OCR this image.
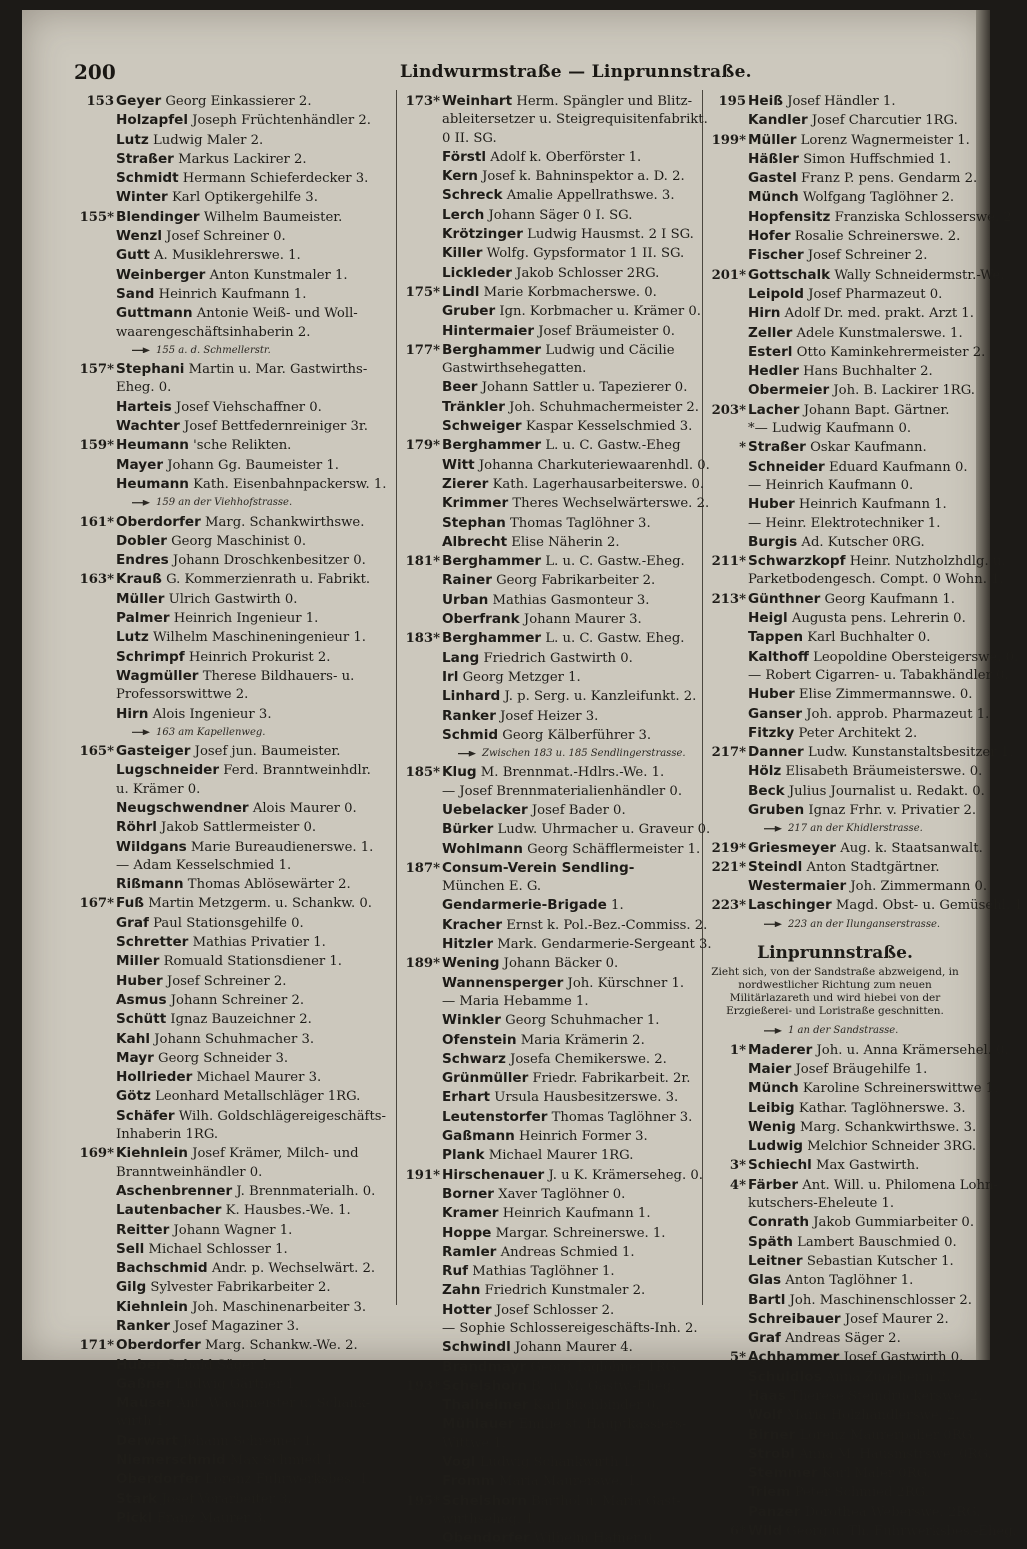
200	Lindwurmstraße — Linprunnstraße.
153 Geyer Georg Einkassierer 2.
Holzapfel Joseph Früchtenhändler 2.
Lutz Ludwig Maler 2.
Straßer Markus Lackirer 2.
Schmidt Hermann Schieferdecker 3.
Winter Karl Optikergehilfe 3.
155* Blendinger Wilhelm Baumeister.
Wenzl Josef Schreiner 0.
Gutt A. Musiklehrerswe. 1.
Weinberger Anton Kunstmaler 1.
Sand Heinrich Kaufmann 1.
Guttmann Antonie Weiß- und Woll-
waarengeschäftsinhaberin 2.
155 a. d. Schmellerstr.
157* Stephani Martin u. Mar. Gastwirths-
Eheg. 0.
Harteis Josef Viehschaffner 0.
Wachter Josef Bettfedernreiniger 3r.
159* Heumann 'sche Relikten.
Mayer Johann Gg. Baumeister 1.
Heumann Kath. Eisenbahnpackersw. 1.
159 an der Viehhofstrasse.
161* Oberdorfer Marg. Schankwirthswe.
Dobler Georg Maschinist 0.
Endres Johann Droschkenbesitzer 0.
163* Krauß G. Kommerzienrath u. Fabrikt.
Müller Ulrich Gastwirth 0.
Palmer Heinrich Ingenieur 1.
Lutz Wilhelm Maschineningenieur 1.
Schrimpf Heinrich Prokurist 2.
Wagmüller Therese Bildhauers- u.
Professorswittwe 2.
Hirn Alois Ingenieur 3.
163 am Kapellenweg.
165* Gasteiger Josef jun. Baumeister.
Lugschneider Ferd. Branntweinhdlr.
u. Krämer 0.
Neugschwendner Alois Maurer 0.
Röhrl Jakob Sattlermeister 0.
Wildgans Marie Bureaudienerswe. 1.
— Adam Kesselschmied 1.
Rißmann Thomas Ablösewärter 2.
167* Fuß Martin Metzgerm. u. Schankw. 0.
Graf Paul Stationsgehilfe 0.
Schretter Mathias Privatier 1.
Miller Romuald Stationsdiener 1.
Huber Josef Schreiner 2.
Asmus Johann Schreiner 2.
Schütt Ignaz Bauzeichner 2.
Kahl Johann Schuhmacher 3.
Mayr Georg Schneider 3.
Hollrieder Michael Maurer 3.
Götz Leonhard Metallschläger 1RG.
Schäfer Wilh. Goldschlägereigeschäfts-
Inhaberin 1RG.
169* Kiehnlein Josef Krämer, Milch- und
Branntweinhändler 0.
Aschenbrenner J. Brennmaterialh. 0.
Lautenbacher K. Hausbes.-We. 1.
Reitter Johann Wagner 1.
Sell Michael Schlosser 1.
Bachschmid Andr. p. Wechselwärt. 2.
Gilg Sylvester Fabrikarbeiter 2.
Kiehnlein Joh. Maschinenarbeiter 3.
Ranker Josef Magaziner 3.
171* Oberdorfer Marg. Schankw.-We. 2.
Huber Sebald Säger 1.
Gaßner Ludwig Gärtner 1.
Mauser Ant. Waagmeister u. Schank-
wirth 1.
Derwart Johann Schreiner 1.
Niemerschmid Max Schmied 1.
Oberdorfer Lorenz Fuhrwerksbes. 1.
Stark Josef Vorarbeiter 3.
Pickl Franz Maurer 3.
173* Weinhart Herm. Spängler und Blitz-
ableitersetzer u. Steigrequisitenfabrikt.
0 II. SG.
Förstl Adolf k. Oberförster 1.
Kern Josef k. Bahninspektor a. D. 2.
Schreck Amalie Appellrathswe. 3.
Lerch Johann Säger 0 I. SG.
Krötzinger Ludwig Hausmst. 2 I SG.
Killer Wolfg. Gypsformator 1 II. SG.
Lickleder Jakob Schlosser 2RG.
175* Lindl Marie Korbmacherswe. 0.
Gruber Ign. Korbmacher u. Krämer 0.
Hintermaier Josef Bräumeister 0.
177* Berghammer Ludwig und Cäcilie
Gastwirthsehegatten.
Beer Johann Sattler u. Tapezierer 0.
Tränkler Joh. Schuhmachermeister 2.
Schweiger Kaspar Kesselschmied 3.
179* Berghammer L. u. C. Gastw.-Eheg
Witt Johanna Charkuteriewaarenhdl. 0.
Zierer Kath. Lagerhausarbeiterswe. 0.
Krimmer Theres Wechselwärterswe. 2.
Stephan Thomas Taglöhner 3.
Albrecht Elise Näherin 2.
181* Berghammer L. u. C. Gastw.-Eheg.
Rainer Georg Fabrikarbeiter 2.
Urban Mathias Gasmonteur 3.
Oberfrank Johann Maurer 3.
183* Berghammer L. u. C. Gastw. Eheg.
Lang Friedrich Gastwirth 0.
Irl Georg Metzger 1.
Linhard J. p. Serg. u. Kanzleifunkt. 2.
Ranker Josef Heizer 3.
Schmid Georg Kälberführer 3.
Zwischen 183 u. 185 Sendlingerstrasse.
185* Klug M. Brennmat.-Hdlrs.-We. 1.
— Josef Brennmaterialienhändler 0.
Uebelacker Josef Bader 0.
Bürker Ludw. Uhrmacher u. Graveur 0.
Wohlmann Georg Schäfflermeister 1.
187* Consum-Verein Sendling-
München E. G.
Gendarmerie-Brigade 1.
Kracher Ernst k. Pol.-Bez.-Commiss. 2.
Hitzler Mark. Gendarmerie-Sergeant 3.
189* Wening Johann Bäcker 0.
Wannensperger Joh. Kürschner 1.
— Maria Hebamme 1.
Winkler Georg Schuhmacher 1.
Ofenstein Maria Krämerin 2.
Schwarz Josefa Chemikerswe. 2.
Grünmüller Friedr. Fabrikarbeit. 2r.
Erhart Ursula Hausbesitzerswe. 3.
Leutenstorfer Thomas Taglöhner 3.
Gaßmann Heinrich Former 3.
Plank Michael Maurer 1RG.
191* Hirschenauer J. u K. Krämerseheg. 0.
Borner Xaver Taglöhner 0.
Kramer Heinrich Kaufmann 1.
Hoppe Margar. Schreinerswe. 1.
Ramler Andreas Schmied 1.
Ruf Mathias Taglöhner 1.
Zahn Friedrich Kunstmaler 2.
Hotter Josef Schlosser 2.
— Sophie Schlossereigeschäfts-Inh. 2.
Schwindl Johann Maurer 4.
Brandmayr Georg Taglöhner 1RG.
193* Schelshorn B. u. M. Gastw.-Eheg.
Thalheimer Karl Buchbinder 0.
Mühlauer Emilie st. Hauptkassiers-
Wittwe 1.
Vogl Ludwig Schankwirth 1.
Fromm Maria Maurerswe. 1.
195* Schelshorn Barthol u. Maria Gast-
wirthseheg. 1.
Obendorfer Wilhelm Hafner 0.
195 Heiß Josef Händler 1.
Kandler Josef Charcutier 1RG.
199* Müller Lorenz Wagnermeister 1.
Häßler Simon Huffschmied 1.
Gastel Franz P. pens. Gendarm 2.
Münch Wolfgang Taglöhner 2.
Hopfensitz Franziska Schlosserswe. 2.
Hofer Rosalie Schreinerswe. 2.
Fischer Josef Schreiner 2.
201* Gottschalk Wally Schneidermstr.-We.
Leipold Josef Pharmazeut 0.
Hirn Adolf Dr. med. prakt. Arzt 1.
Zeller Adele Kunstmalerswe. 1.
Esterl Otto Kaminkehrermeister 2.
Hedler Hans Buchhalter 2.
Obermeier Joh. B. Lackirer 1RG.
203* Lacher Johann Bapt. Gärtner.
*— Ludwig Kaufmann 0.
* Straßer Oskar Kaufmann.
Schneider Eduard Kaufmann 0.
— Heinrich Kaufmann 0.
Huber Heinrich Kaufmann 1.
— Heinr. Elektrotechniker 1.
Burgis Ad. Kutscher 0RG.
211* Schwarzkopf Heinr. Nutzholzhdlg. u.
Parketbodengesch. Compt. 0 Wohn. 1.
213* Günthner Georg Kaufmann 1.
Heigl Augusta pens. Lehrerin 0.
Tappen Karl Buchhalter 0.
Kalthoff Leopoldine Obersteigerswe. 0.
— Robert Cigarren- u. Tabakhändler 0.
Huber Elise Zimmermannswe. 0.
Ganser Joh. approb. Pharmazeut 1.
Fitzky Peter Architekt 2.
217* Danner Ludw. Kunstanstaltsbesitzer 1.
Hölz Elisabeth Bräumeisterswe. 0.
Beck Julius Journalist u. Redakt. 0.
Gruben Ignaz Frhr. v. Privatier 2.
217 an der Khidlerstrasse.
219* Griesmeyer Aug. k. Staatsanwalt.
221* Steindl Anton Stadtgärtner.
Westermaier Joh. Zimmermann 0.
223* Laschinger Magd. Obst- u. Gemüsehl. 1.
223 an der Ilunganserstrasse.
Linprunnstraße.
Zieht sich, von der Sandstraße abzweigend, in nordwestlicher Richtung zum neuen Militärlazareth und wird hiebei von der Erzgießerei- und Loristraße geschnitten.
1 an der Sandstrasse.
1* Maderer Joh. u. Anna Krämersehel. 0.
Maier Josef Bräugehilfe 1.
Münch Karoline Schreinerswittwe 1.
Leibig Kathar. Taglöhnerswe. 3.
Wenig Marg. Schankwirthswe. 3.
Ludwig Melchior Schneider 3RG.
3* Schiechl Max Gastwirth.
4* Färber Ant. Will. u. Philomena Lohn-
kutschers-Eheleute 1.
Conrath Jakob Gummiarbeiter 0.
Späth Lambert Bauschmied 0.
Leitner Sebastian Kutscher 1.
Glas Anton Taglöhner 1.
Bartl Joh. Maschinenschlosser 2.
Schreibauer Josef Maurer 2.
Graf Andreas Säger 2.
5* Achhammer Josef Gastwirth 0.
Schuldlos Anna Zugeherin 2.
Haas Therese Steindruckerswe. 2.
Wolf Maria Holzhändlerswe. 2.
Birner Lorenz Maurerpalier 0RG.
Strobl Anna M. Hausmstrswe. 0RG.
Stemmer Karl Maler 0RG.
Triem Peter Schmied 2RG.
Panzer Dorothea Weberswe. 2RG.
6* Wild Georg u. Th. Fuhrwerksbes.-Eheg.
